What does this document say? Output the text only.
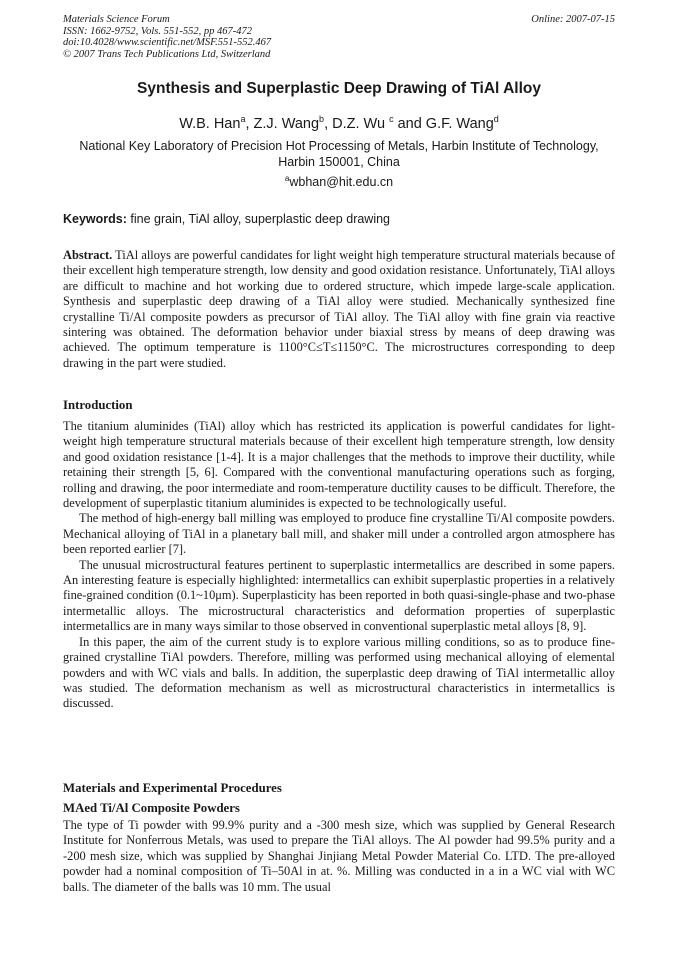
Materials Science Forum
ISSN: 1662-9752, Vols. 551-552, pp 467-472
doi:10.4028/www.scientific.net/MSF.551-552.467
© 2007 Trans Tech Publications Ltd, Switzerland
Online: 2007-07-15
Synthesis and Superplastic Deep Drawing of TiAl Alloy
W.B. Han$^a$, Z.J. Wang$^b$, D.Z. Wu $^c$ and G.F. Wang$^d$
National Key Laboratory of Precision Hot Processing of Metals, Harbin Institute of Technology, Harbin 150001, China
$^a$wbhan@hit.edu.cn
Keywords: fine grain, TiAl alloy, superplastic deep drawing
Abstract. TiAl alloys are powerful candidates for light weight high temperature structural materials because of their excellent high temperature strength, low density and good oxidation resistance. Unfortunately, TiAl alloys are difficult to machine and hot working due to ordered structure, which impede large-scale application. Synthesis and superplastic deep drawing of a TiAl alloy were studied. Mechanically synthesized fine crystalline Ti/Al composite powders as precursor of TiAl alloy. The TiAl alloy with fine grain via reactive sintering was obtained. The deformation behavior under biaxial stress by means of deep drawing was achieved. The optimum temperature is 1100°C≤T≤1150°C. The microstructures corresponding to deep drawing in the part were studied.
Introduction

The titanium aluminides (TiAl) alloy which has restricted its application is powerful candidates for light-weight high temperature structural materials because of their excellent high temperature strength, low density and good oxidation resistance [1-4]. It is a major challenges that the methods to improve their ductility, while retaining their strength [5, 6]. Compared with the conventional manufacturing operations such as forging, rolling and drawing, the poor intermediate and room-temperature ductility causes to be difficult. Therefore, the development of superplastic titanium aluminides is expected to be technologically useful.

The method of high-energy ball milling was employed to produce fine crystalline Ti/Al composite powders. Mechanical alloying of TiAl in a planetary ball mill, and shaker mill under a controlled argon atmosphere has been reported earlier [7].

The unusual microstructural features pertinent to superplastic intermetallics are described in some papers. An interesting feature is especially highlighted: intermetallics can exhibit superplastic properties in a relatively fine-grained condition (0.1~10μm). Superplasticity has been reported in both quasi-single-phase and two-phase intermetallic alloys. The microstructural characteristics and deformation properties of superplastic intermetallics are in many ways similar to those observed in conventional superplastic metal alloys [8, 9].

In this paper, the aim of the current study is to explore various milling conditions, so as to produce fine-grained crystalline TiAl powders. Therefore, milling was performed using mechanical alloying of elemental powders and with WC vials and balls. In addition, the superplastic deep drawing of TiAl intermetallic alloy was studied. The deformation mechanism as well as microstructural characteristics in intermetallics is discussed.

Materials and Experimental Procedures
MAed Ti/Al Composite Powders
The type of Ti powder with 99.9% purity and a -300 mesh size, which was supplied by General Research Institute for Nonferrous Metals, was used to prepare the TiAl alloys. The Al powder had 99.5% purity and a -200 mesh size, which was supplied by Shanghai Jinjiang Metal Powder Material Co. LTD. The pre-alloyed powder had a nominal composition of Ti–50Al in at. %. Milling was conducted in a in a WC vial with WC balls. The diameter of the balls was 10 mm. The usual
